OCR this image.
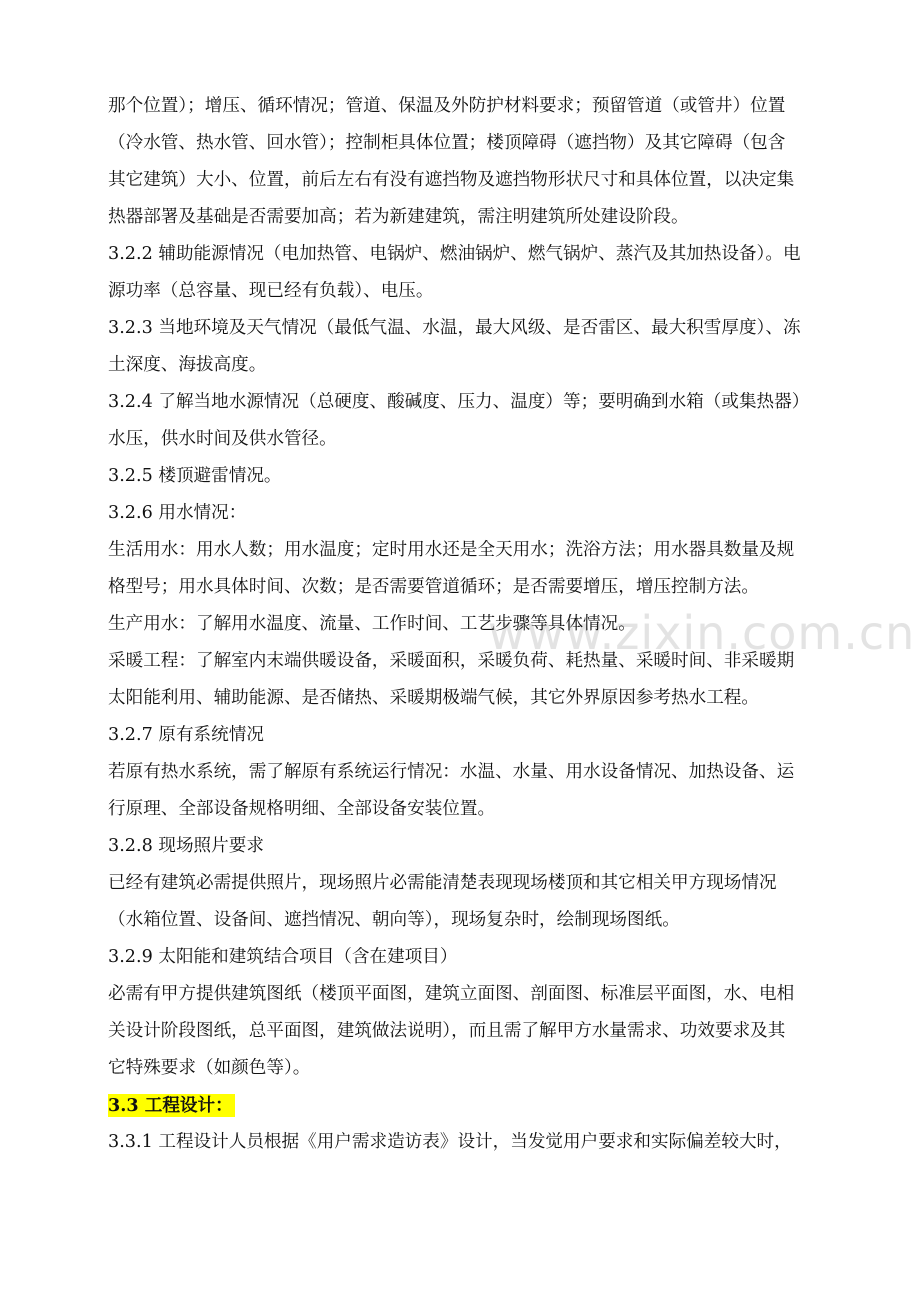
www.zixin.com.cn
那个位置）；增压、循环情况；管道、保温及外防护材料要求；预留管道（或管井）位置
（冷水管、热水管、回水管）；控制柜具体位置；楼顶障碍（遮挡物）及其它障碍（包含
其它建筑）大小、位置，前后左右有没有遮挡物及遮挡物形状尺寸和具体位置，以决定集
热器部署及基础是否需要加高；若为新建建筑，需注明建筑所处建设阶段。
3.2.2 辅助能源情况（电加热管、电锅炉、燃油锅炉、燃气锅炉、蒸汽及其加热设备）。电
源功率（总容量、现已经有负载）、电压。
3.2.3 当地环境及天气情况（最低气温、水温，最大风级、是否雷区、最大积雪厚度）、冻
土深度、海拔高度。
3.2.4 了解当地水源情况（总硬度、酸碱度、压力、温度）等；要明确到水箱（或集热器）
水压，供水时间及供水管径。
3.2.5 楼顶避雷情况。
3.2.6 用水情况：
生活用水：用水人数；用水温度；定时用水还是全天用水；洗浴方法；用水器具数量及规
格型号；用水具体时间、次数；是否需要管道循环；是否需要增压，增压控制方法。
生产用水：了解用水温度、流量、工作时间、工艺步骤等具体情况。
采暖工程：了解室内末端供暖设备，采暖面积，采暖负荷、耗热量、采暖时间、非采暖期
太阳能利用、辅助能源、是否储热、采暖期极端气候，其它外界原因参考热水工程。
3.2.7 原有系统情况
若原有热水系统，需了解原有系统运行情况：水温、水量、用水设备情况、加热设备、运
行原理、全部设备规格明细、全部设备安装位置。
3.2.8 现场照片要求
已经有建筑必需提供照片，现场照片必需能清楚表现现场楼顶和其它相关甲方现场情况
（水箱位置、设备间、遮挡情况、朝向等），现场复杂时，绘制现场图纸。
3.2.9 太阳能和建筑结合项目（含在建项目）
必需有甲方提供建筑图纸（楼顶平面图，建筑立面图、剖面图、标准层平面图，水、电相
关设计阶段图纸，总平面图，建筑做法说明），而且需了解甲方水量需求、功效要求及其
它特殊要求（如颜色等）。
3.3 工程设计：
3.3.1 工程设计人员根据《用户需求造访表》设计，当发觉用户要求和实际偏差较大时，
